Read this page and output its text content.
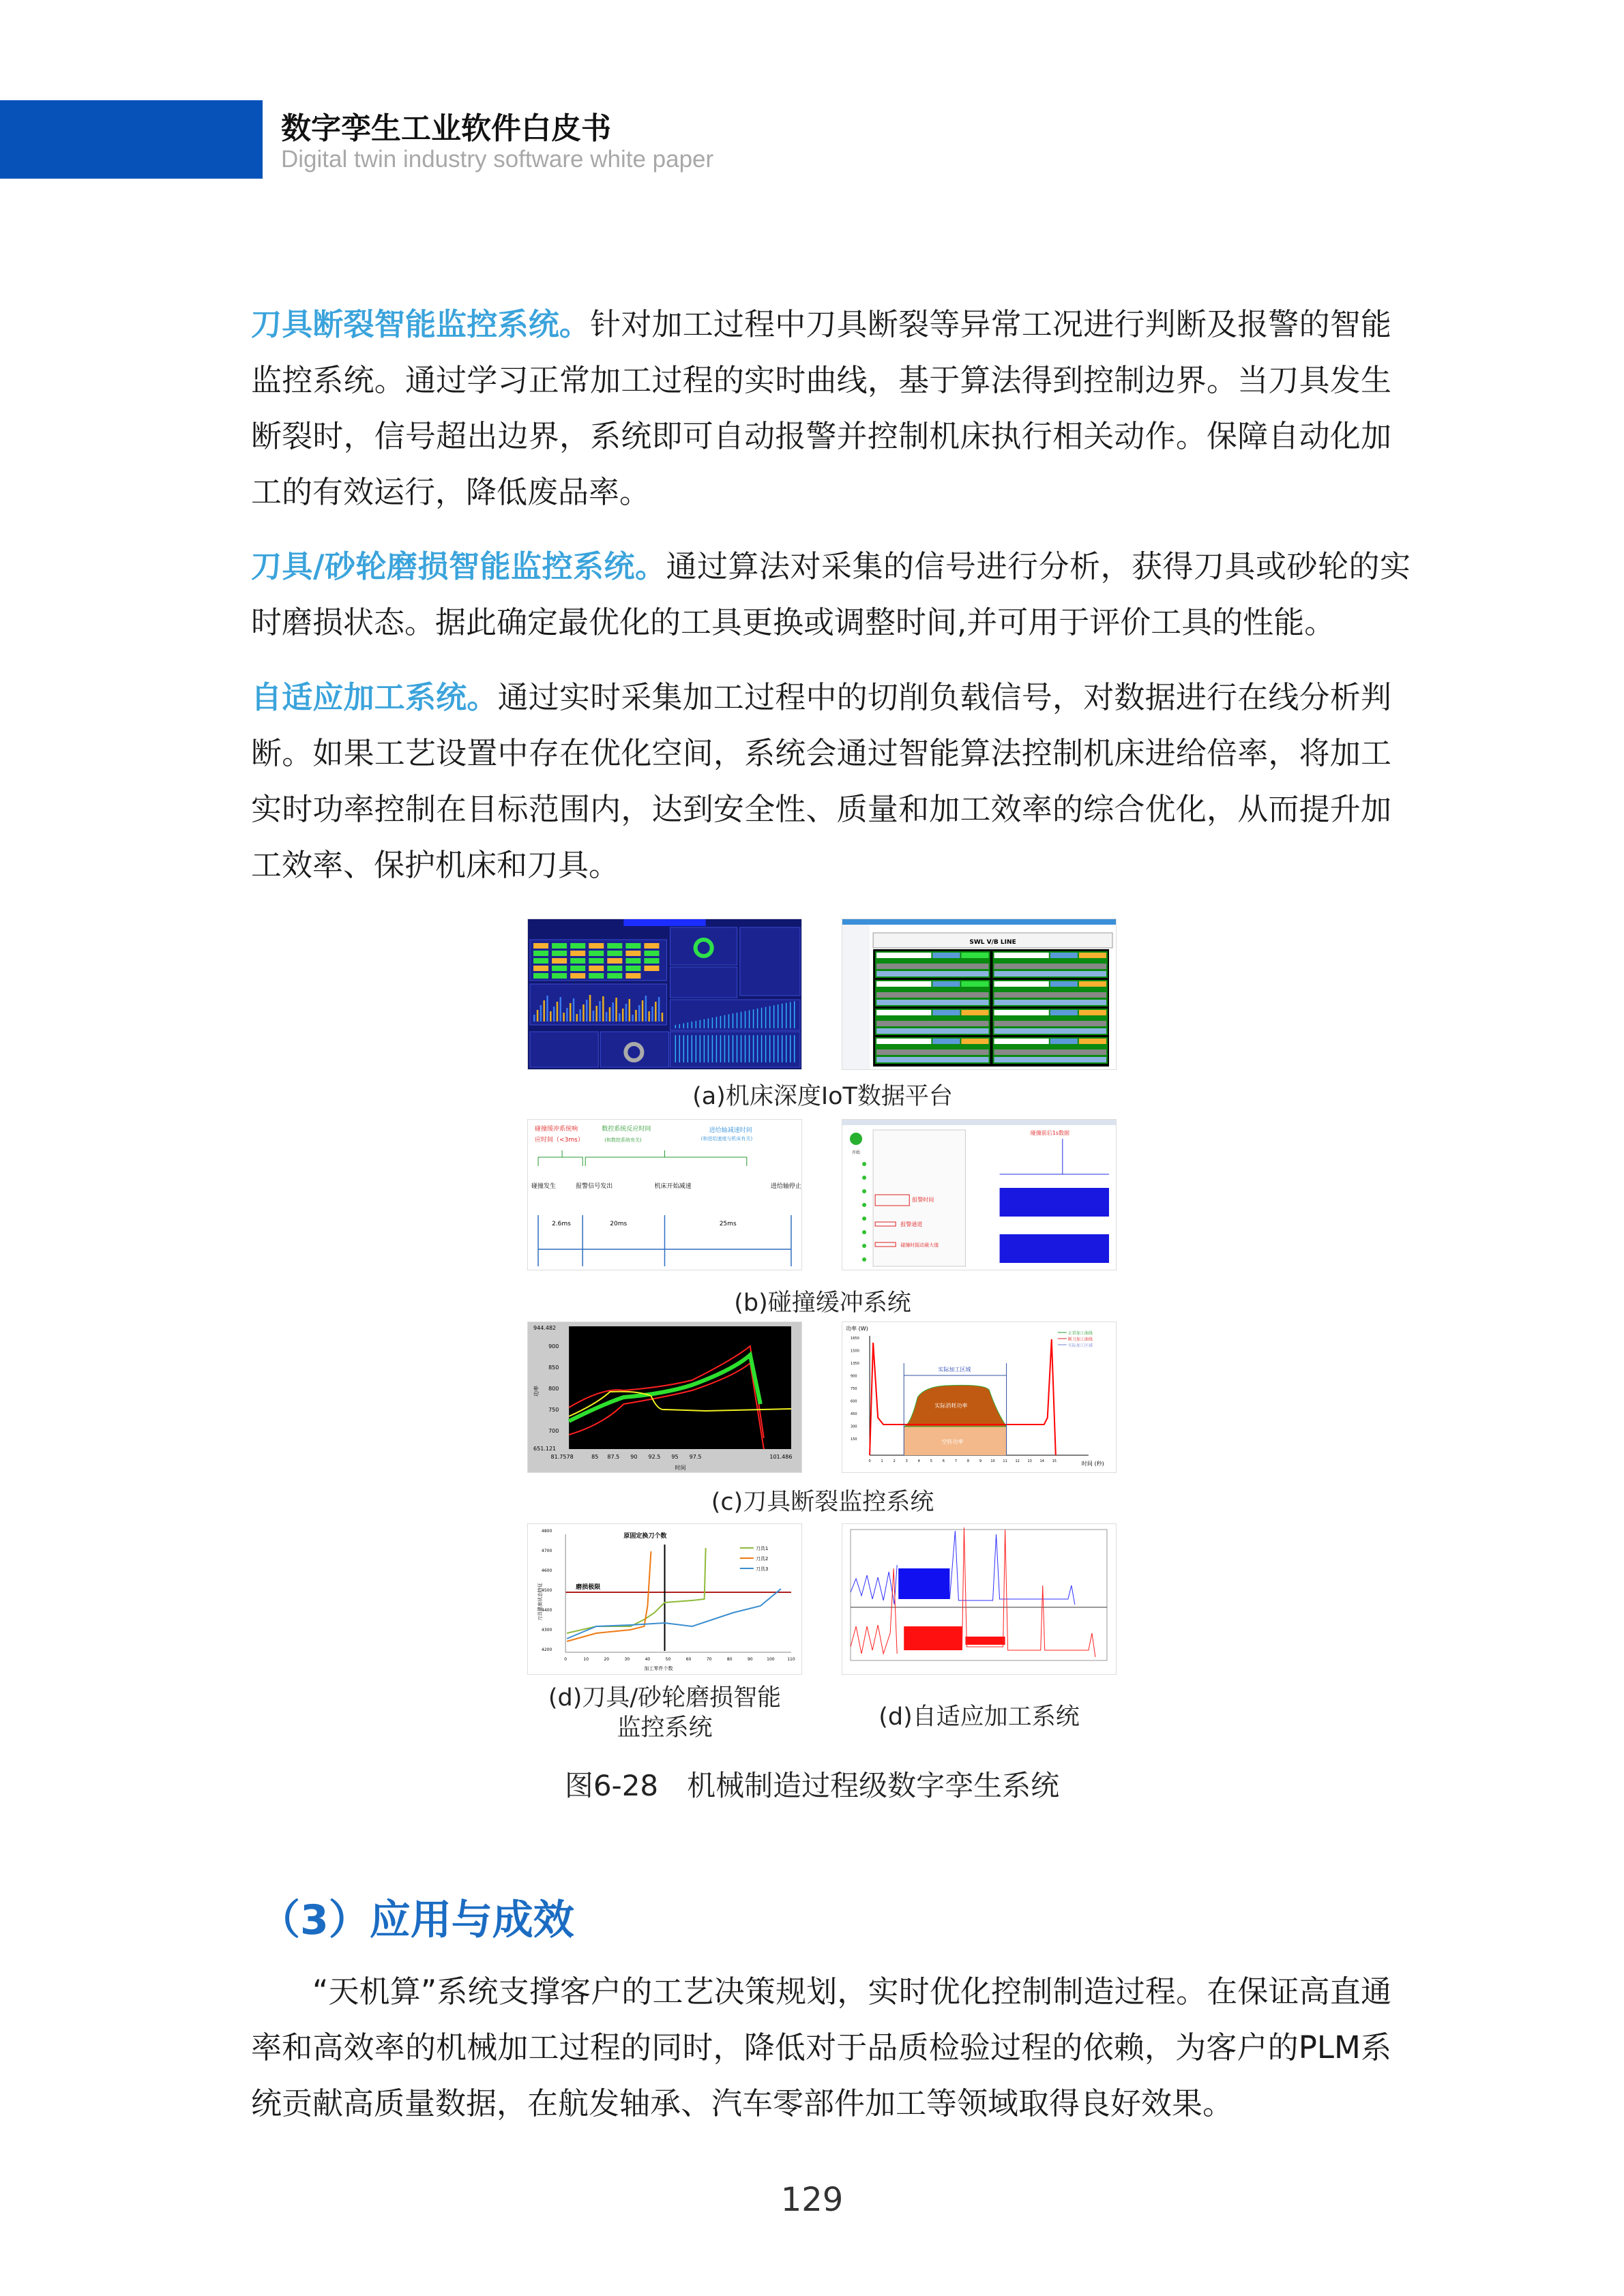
数字孪生工业软件白皮书
Digital twin industry software white paper

刀具断裂智能监控系统。针对加工过程中刀具断裂等异常工况进行判断及报警的智能监控系统。通过学习正常加工过程的实时曲线，基于算法得到控制边界。当刀具发生断裂时，信号超出边界，系统即可自动报警并控制机床执行相关动作。保障自动化加工的有效运行，降低废品率。

刀具/砂轮磨损智能监控系统。通过算法对采集的信号进行分析，获得刀具或砂轮的实时磨损状态。据此确定最优化的工具更换或调整时间,并可用于评价工具的性能。

自适应加工系统。通过实时采集加工过程中的切削负载信号，对数据进行在线分析判断。如果工艺设置中存在优化空间，系统会通过智能算法控制机床进给倍率，将加工实时功率控制在目标范围内，达到安全性、质量和加工效率的综合优化，从而提升加工效率、保护机床和刀具。

SWL V/B LINE
(a)机床深度IoT数据平台
碰撞缓冲系统响
应时间（<3ms）
数控系统反应时间
(和数控系统有关)
进给轴减速时间
(和进给速度与机床有关)
碰撞发生	报警信号发出	机床开始减速	进给轴停止
2.6ms	20ms	25ms
开始
报警时间
报警通道
碰撞时振动最大值
碰撞前后1s数据
(b)碰撞缓冲系统
944.482
651.121
900
850
800
750
700
81.7578	85 87.5 90 92.5 95 97.5	101.486
时间
功率
功率 (W)
时间 (秒)
实际加工区域
实际消耗功率
空转功率
正常加工曲线
断刀加工曲线
实际加工区域
1650
1500
1350
900
750
600
450
300
150
0	1	2	3	4	5	6	7	8	9	10 11 12 13 14 15
(c)刀具断裂监控系统
原固定换刀个数
磨损极限
加工零件个数
刀具健康状态特征
4800
4700
4600
4500
4400
4300
4200
0	10	20	30	40	50	60	70	80	90	100	110
刀具1
刀具2
刀具3
(d)刀具/砂轮磨损智能
监控系统	(d)自适应加工系统
图6-28　机械制造过程级数字孪生系统
（3）应用与成效

“天机算”系统支撑客户的工艺决策规划，实时优化控制制造过程。在保证高直通率和高效率的机械加工过程的同时，降低对于品质检验过程的依赖，为客户的PLM系统贡献高质量数据，在航发轴承、汽车零部件加工等领域取得良好效果。

129
